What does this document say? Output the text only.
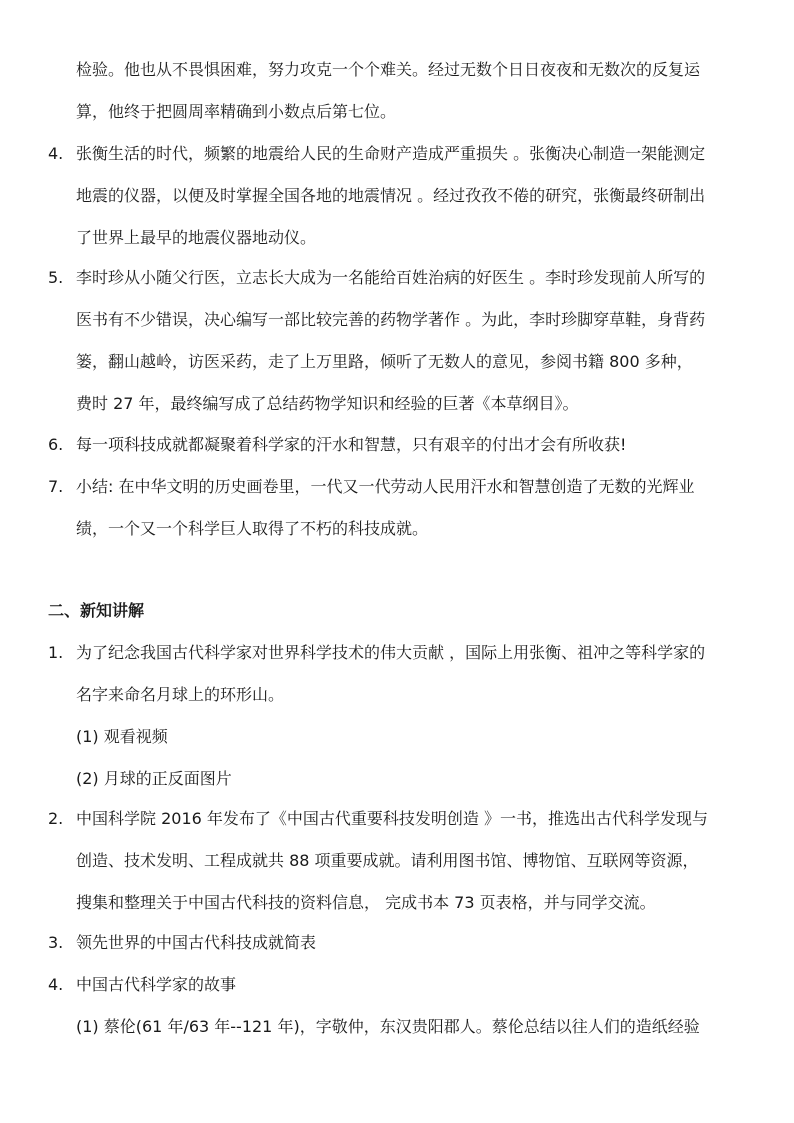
检验。他也从不畏惧困难，努力攻克一个个难关。经过无数个日日夜夜和无数次的反复运
算，他终于把圆周率精确到小数点后第七位。
4. 张衡生活的时代，频繁的地震给人民的生命财产造成严重损失 。张衡决心制造一架能测定
地震的仪器，以便及时掌握全国各地的地震情况 。经过孜孜不倦的研究，张衡最终研制出
了世界上最早的地震仪器地动仪。
5. 李时珍从小随父行医，立志长大成为一名能给百姓治病的好医生 。李时珍发现前人所写的
医书有不少错误，决心编写一部比较完善的药物学著作 。为此，李时珍脚穿草鞋，身背药
篓，翻山越岭，访医采药，走了上万里路，倾听了无数人的意见，参阅书籍 800 多种，
费时 27 年，最终编写成了总结药物学知识和经验的巨著《本草纲目》。
6. 每一项科技成就都凝聚着科学家的汗水和智慧，只有艰辛的付出才会有所收获!
7. 小结: 在中华文明的历史画卷里，一代又一代劳动人民用汗水和智慧创造了无数的光辉业
绩，一个又一个科学巨人取得了不朽的科技成就。
二、新知讲解
1. 为了纪念我国古代科学家对世界科学技术的伟大贡献 ，国际上用张衡、祖冲之等科学家的
名字来命名月球上的环形山。
(1) 观看视频
(2) 月球的正反面图片
2. 中国科学院 2016 年发布了《中国古代重要科技发明创造 》一书，推选出古代科学发现与
创造、技术发明、工程成就共 88 项重要成就。请利用图书馆、博物馆、互联网等资源，
搜集和整理关于中国古代科技的资料信息， 完成书本 73 页表格，并与同学交流。
3. 领先世界的中国古代科技成就简表
4. 中国古代科学家的故事
(1) 蔡伦(61 年/63 年--121 年)，字敬仲，东汉贵阳郡人。蔡伦总结以往人们的造纸经验
